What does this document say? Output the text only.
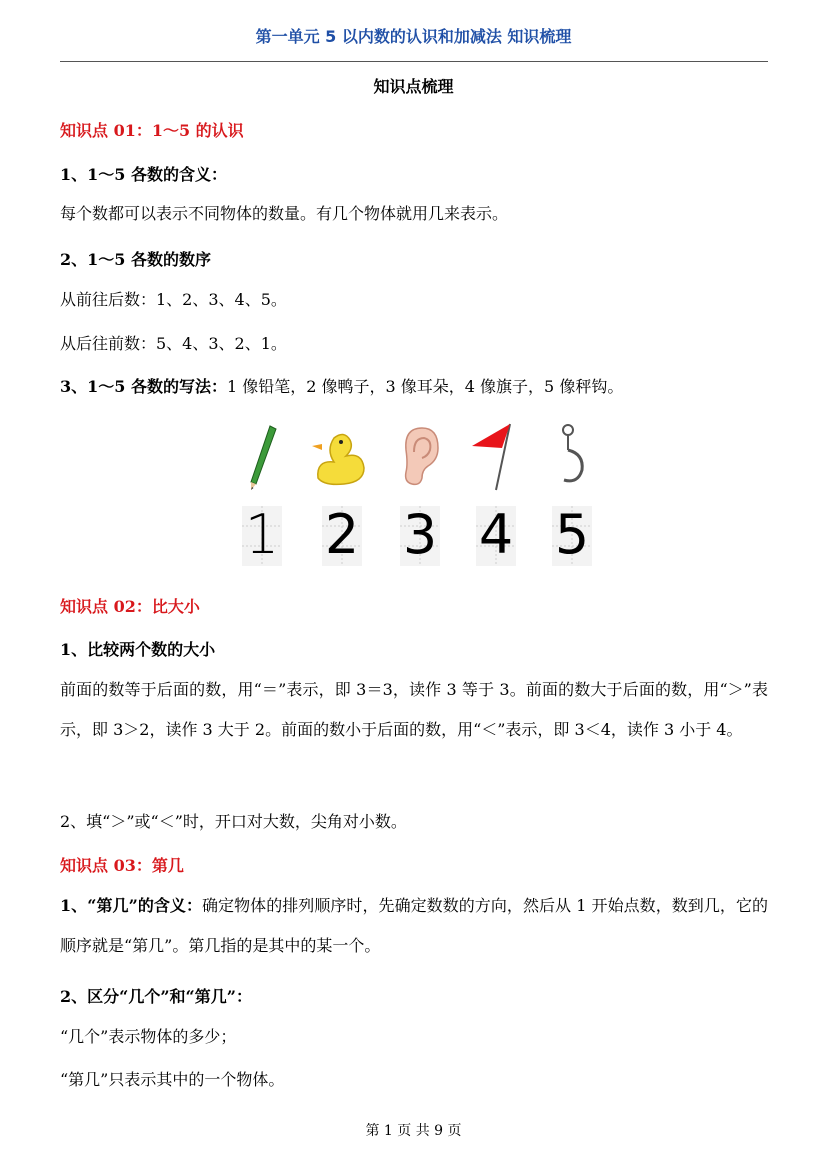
第一单元 5 以内数的认识和加减法 知识梳理
知识点梳理
知识点 01：1～5 的认识
1、1～5 各数的含义：
每个数都可以表示不同物体的数量。有几个物体就用几来表示。
2、1～5 各数的数序
从前往后数：1、2、3、4、5。
从后往前数：5、4、3、2、1。
3、1～5 各数的写法：1 像铅笔，2 像鸭子，3 像耳朵，4 像旗子，5 像秤钩。
1 2 3 4 5
知识点 02：比大小
1、比较两个数的大小
前面的数等于后面的数，用“＝”表示，即 3＝3，读作 3 等于 3。前面的数大于后面的数，用“＞”表示，即 3＞2，读作 3 大于 2。前面的数小于后面的数，用“＜”表示，即 3＜4，读作 3 小于 4。
2、填“＞”或“＜”时，开口对大数，尖角对小数。
知识点 03：第几
1、“第几”的含义：确定物体的排列顺序时，先确定数数的方向，然后从 1 开始点数，数到几，它的顺序就是“第几”。第几指的是其中的某一个。
2、区分“几个”和“第几”：
“几个”表示物体的多少；
“第几”只表示其中的一个物体。
第 1 页 共 9 页
